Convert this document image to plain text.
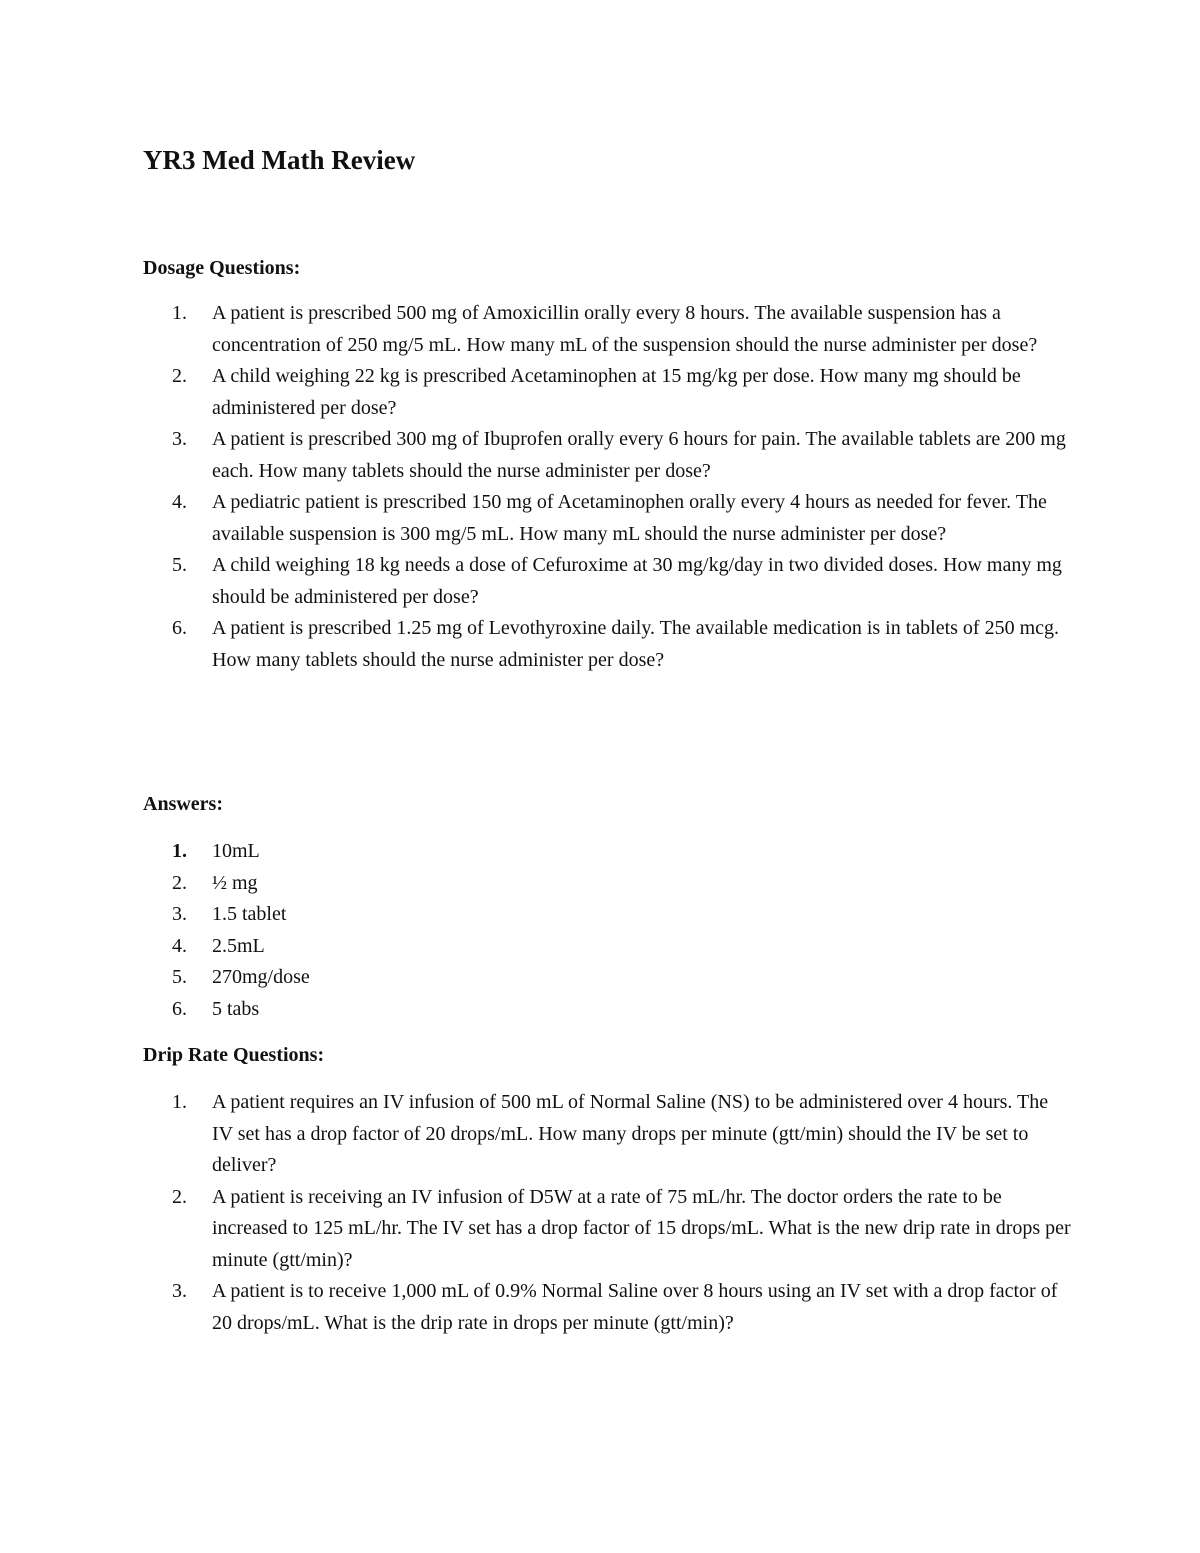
YR3 Med Math Review
Dosage Questions:
1. A patient is prescribed 500 mg of Amoxicillin orally every 8 hours. The available suspension has a concentration of 250 mg/5 mL. How many mL of the suspension should the nurse administer per dose?
2. A child weighing 22 kg is prescribed Acetaminophen at 15 mg/kg per dose. How many mg should be administered per dose?
3. A patient is prescribed 300 mg of Ibuprofen orally every 6 hours for pain. The available tablets are 200 mg each. How many tablets should the nurse administer per dose?
4. A pediatric patient is prescribed 150 mg of Acetaminophen orally every 4 hours as needed for fever. The available suspension is 300 mg/5 mL. How many mL should the nurse administer per dose?
5. A child weighing 18 kg needs a dose of Cefuroxime at 30 mg/kg/day in two divided doses. How many mg should be administered per dose?
6. A patient is prescribed 1.25 mg of Levothyroxine daily. The available medication is in tablets of 250 mcg. How many tablets should the nurse administer per dose?
Answers:
1. 10mL
2. ½ mg
3. 1.5 tablet
4. 2.5mL
5. 270mg/dose
6. 5 tabs
Drip Rate Questions:
1. A patient requires an IV infusion of 500 mL of Normal Saline (NS) to be administered over 4 hours. The IV set has a drop factor of 20 drops/mL. How many drops per minute (gtt/min) should the IV be set to deliver?
2. A patient is receiving an IV infusion of D5W at a rate of 75 mL/hr. The doctor orders the rate to be increased to 125 mL/hr. The IV set has a drop factor of 15 drops/mL. What is the new drip rate in drops per minute (gtt/min)?
3. A patient is to receive 1,000 mL of 0.9% Normal Saline over 8 hours using an IV set with a drop factor of 20 drops/mL. What is the drip rate in drops per minute (gtt/min)?
